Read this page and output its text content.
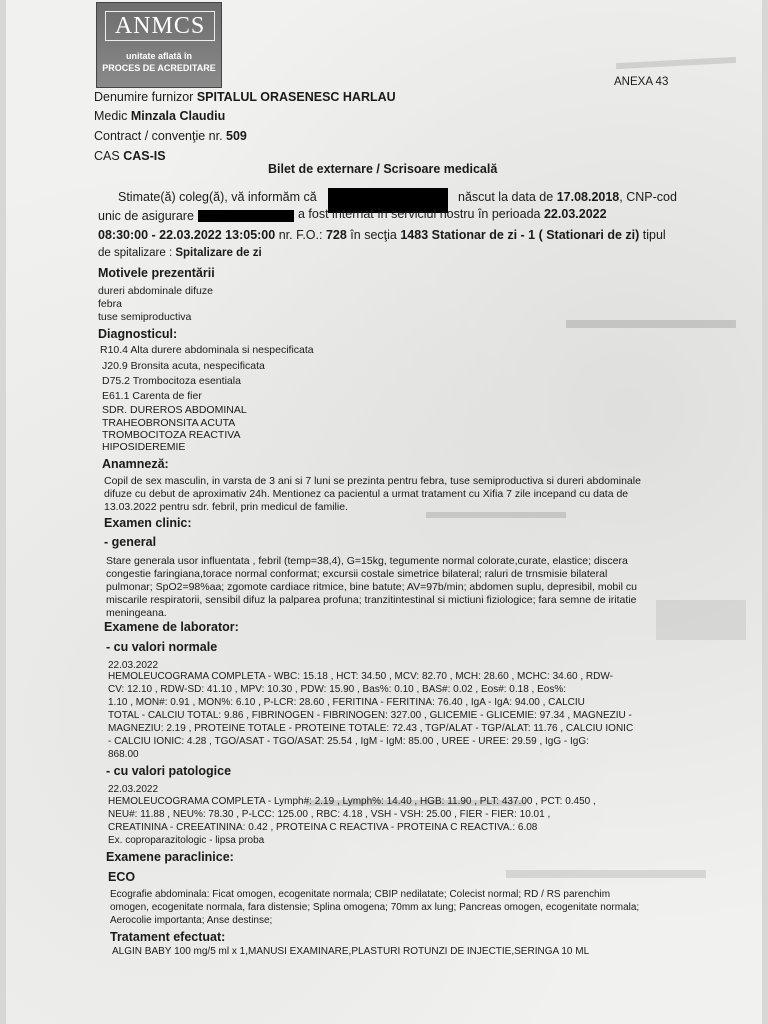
ANMCS
unitate aflată în
PROCES DE ACREDITARE
ANEXA 43
Denumire furnizor SPITALUL ORASENESC HARLAU
Medic Minzala Claudiu
Contract / convenţie nr. 509
CAS CAS-IS
Bilet de externare / Scrisoare medicală
Stimate(ă) coleg(ă), vă informăm că	născut la data de 17.08.2018, CNP-cod
unic de asigurare	a fost internat în serviciul nostru în perioada 22.03.2022
08:30:00 - 22.03.2022 13:05:00 nr. F.O.: 728 în secţia 1483 Stationar de zi - 1 ( Stationari de zi) tipul
de spitalizare : Spitalizare de zi
Motivele prezentării
dureri abdominale difuze
febra
tuse semiproductiva
Diagnosticul:
R10.4 Alta durere abdominala si nespecificata
J20.9 Bronsita acuta, nespecificata
D75.2 Trombocitoza esentiala
E61.1 Carenta de fier
SDR. DUREROS ABDOMINAL
TRAHEOBRONSITA ACUTA
TROMBOCITOZA REACTIVA
HIPOSIDEREMIE
Anamneză:
Copil de sex masculin, in varsta de 3 ani si 7 luni se prezinta pentru febra, tuse semiproductiva si dureri abdominale
difuze cu debut de aproximativ 24h. Mentionez ca pacientul a urmat tratament cu Xifia 7 zile incepand cu data de
13.03.2022 pentru sdr. febril, prin medicul de familie.
Examen clinic:
- general
Stare generala usor influentata , febril (temp=38,4), G=15kg, tegumente normal colorate,curate, elastice; discera
congestie faringiana,torace normal conformat; excursii costale simetrice bilateral; raluri de trnsmisie bilateral
pulmonar; SpO2=98%aa; zgomote cardiace ritmice, bine batute; AV=97b/min; abdomen suplu, depresibil, mobil cu
miscarile respiratorii, sensibil difuz la palparea profuna; tranzitintestinal si mictiuni fiziologice; fara semne de iritatie
meningeana.
Examene de laborator:
- cu valori normale
22.03.2022
HEMOLEUCOGRAMA COMPLETA - WBC: 15.18 , HCT: 34.50 , MCV: 82.70 , MCH: 28.60 , MCHC: 34.60 , RDW-
CV: 12.10 , RDW-SD: 41.10 , MPV: 10.30 , PDW: 15.90 , Bas%: 0.10 , BAS#: 0.02 , Eos#: 0.18 , Eos%:
1.10 , MON#: 0.91 , MON%: 6.10 , P-LCR: 28.60 , FERITINA - FERITINA: 76.40 , IgA - IgA: 94.00 , CALCIU
TOTAL - CALCIU TOTAL: 9.86 , FIBRINOGEN - FIBRINOGEN: 327.00 , GLICEMIE - GLICEMIE: 97.34 , MAGNEZIU -
MAGNEZIU: 2.19 , PROTEINE TOTALE - PROTEINE TOTALE: 72.43 , TGP/ALAT - TGP/ALAT: 11.76 , CALCIU IONIC
- CALCIU IONIC: 4.28 , TGO/ASAT - TGO/ASAT: 25.54 , IgM - IgM: 85.00 , UREE - UREE: 29.59 , IgG - IgG:
868.00
- cu valori patologice
22.03.2022
HEMOLEUCOGRAMA COMPLETA - Lymph#: 2.19 , Lymph%: 14.40 , HGB: 11.90 , PLT: 437.00 , PCT: 0.450 ,
NEU#: 11.88 , NEU%: 78.30 , P-LCC: 125.00 , RBC: 4.18 , VSH - VSH: 25.00 , FIER - FIER: 10.01 ,
CREATININA - CREEATININA: 0.42 , PROTEINA C REACTIVA - PROTEINA C REACTIVA.: 6.08
Ex. coproparazitologic - lipsa proba
Examene paraclinice:
ECO
Ecografie abdominala: Ficat omogen, ecogenitate normala; CBIP nedilatate; Colecist normal; RD / RS parenchim
omogen, ecogenitate normala, fara distensie; Splina omogena; 70mm ax lung; Pancreas omogen, ecogenitate normala;
Aerocolie importanta; Anse destinse;
Tratament efectuat:
ALGIN BABY 100 mg/5 ml x 1,MANUSI EXAMINARE,PLASTURI ROTUNZI DE INJECTIE,SERINGA 10 ML
